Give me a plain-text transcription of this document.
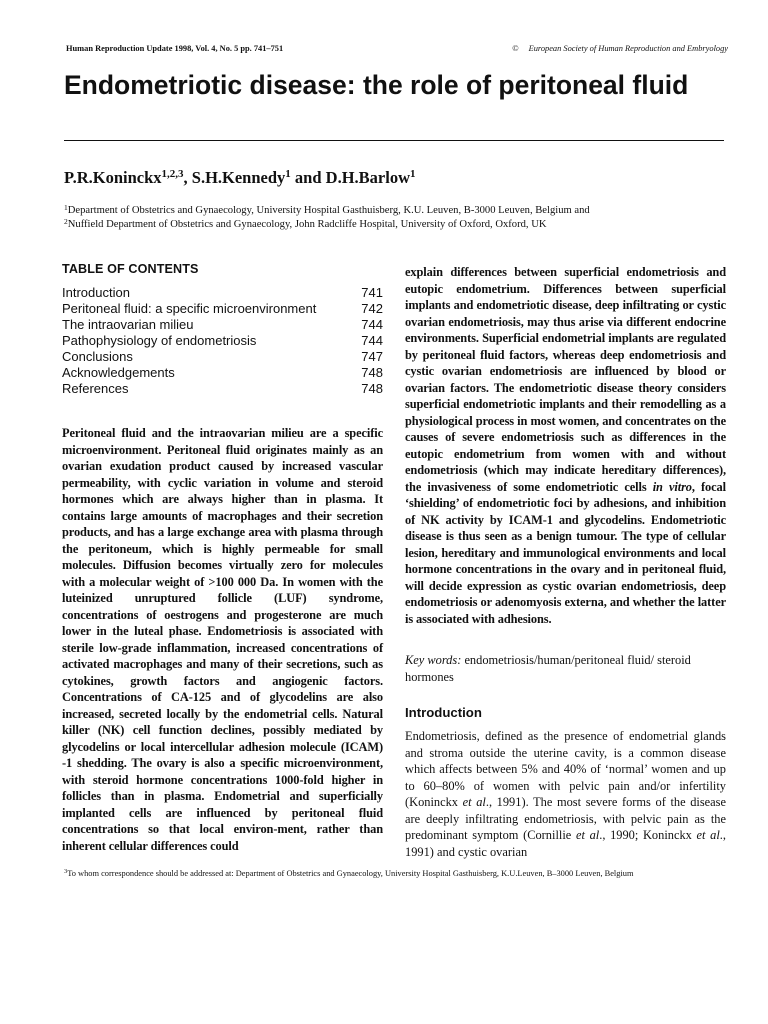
Human Reproduction Update 1998, Vol. 4, No. 5 pp. 741–751	© European Society of Human Reproduction and Embryology
Endometriotic disease: the role of peritoneal fluid
P.R.Koninckx$^{1,2,3}$, S.H.Kennedy$^1$ and D.H.Barlow$^1$
$^1$Department of Obstetrics and Gynaecology, University Hospital Gasthuisberg, K.U. Leuven, B-3000 Leuven, Belgium and
$^2$Nuffield Department of Obstetrics and Gynaecology, John Radcliffe Hospital, University of Oxford, Oxford, UK
TABLE OF CONTENTS
Introduction	741
Peritoneal fluid: a specific microenvironment	742
The intraovarian milieu	744
Pathophysiology of endometriosis	744
Conclusions	747
Acknowledgements	748
References	748

Peritoneal fluid and the intraovarian milieu are a specific microenvironment. Peritoneal fluid originates mainly as an ovarian exudation product caused by increased vascular permeability, with cyclic variation in volume and steroid hormones which are always higher than in plasma. It contains large amounts of macrophages and their secretion products, and has a large exchange area with plasma through the peritoneum, which is highly permeable for small molecules. Diffusion becomes virtually zero for molecules with a molecular weight of >100 000 Da. In women with the luteinized unruptured follicle (LUF) syndrome, concentrations of oestrogens and progesterone are much lower in the luteal phase. Endometriosis is associated with sterile low-grade inflammation, increased concentrations of activated macrophages and many of their secretions, such as cytokines, growth factors and angiogenic factors. Concentrations of CA-125 and of glycodelins are also increased, secreted locally by the endometrial cells. Natural killer (NK) cell function declines, possibly mediated by glycodelins or local intercellular adhesion molecule (ICAM) -1 shedding. The ovary is also a specific microenvironment, with steroid hormone concentrations 1000-fold higher in follicles than in plasma. Endometrial and superficially implanted cells are influenced by peritoneal fluid concentrations so that local environ-ment, rather than inherent cellular differences could

explain differences between superficial endometriosis and eutopic endometrium. Differences between superficial implants and endometriotic disease, deep infiltrating or cystic ovarian endometriosis, may thus arise via different endocrine environments. Superficial endometrial implants are regulated by peritoneal fluid factors, whereas deep endometriosis and cystic ovarian endometriosis are influenced by blood or ovarian factors. The endometriotic disease theory considers superficial endometriotic implants and their remodelling as a physiological process in most women, and concentrates on the causes of severe endometriosis such as differences in the eutopic endometrium from women with and without endometriosis (which may indicate hereditary differences), the invasiveness of some endometriotic cells in vitro, focal ‘shielding’ of endometriotic foci by adhesions, and inhibition of NK activity by ICAM-1 and glycodelins. Endometriotic disease is thus seen as a benign tumour. The type of cellular lesion, hereditary and immunological environments and local hormone concentrations in the ovary and in peritoneal fluid, will decide expression as cystic ovarian endometriosis, deep endometriosis or adenomyosis externa, and whether the latter is associated with adhesions.

Key words: endometriosis/human/peritoneal fluid/ steroid hormones
Introduction

Endometriosis, defined as the presence of endometrial glands and stroma outside the uterine cavity, is a common disease which affects between 5% and 40% of ‘normal’ women and up to 60–80% of women with pelvic pain and/or infertility (Koninckx et al., 1991). The most severe forms of the disease are deeply infiltrating endometriosis, with pelvic pain as the predominant symptom (Cornillie et al., 1990; Koninckx et al., 1991) and cystic ovarian

$^3$To whom correspondence should be addressed at: Department of Obstetrics and Gynaecology, University Hospital Gasthuisberg, K.U.Leuven, B–3000 Leuven, Belgium
